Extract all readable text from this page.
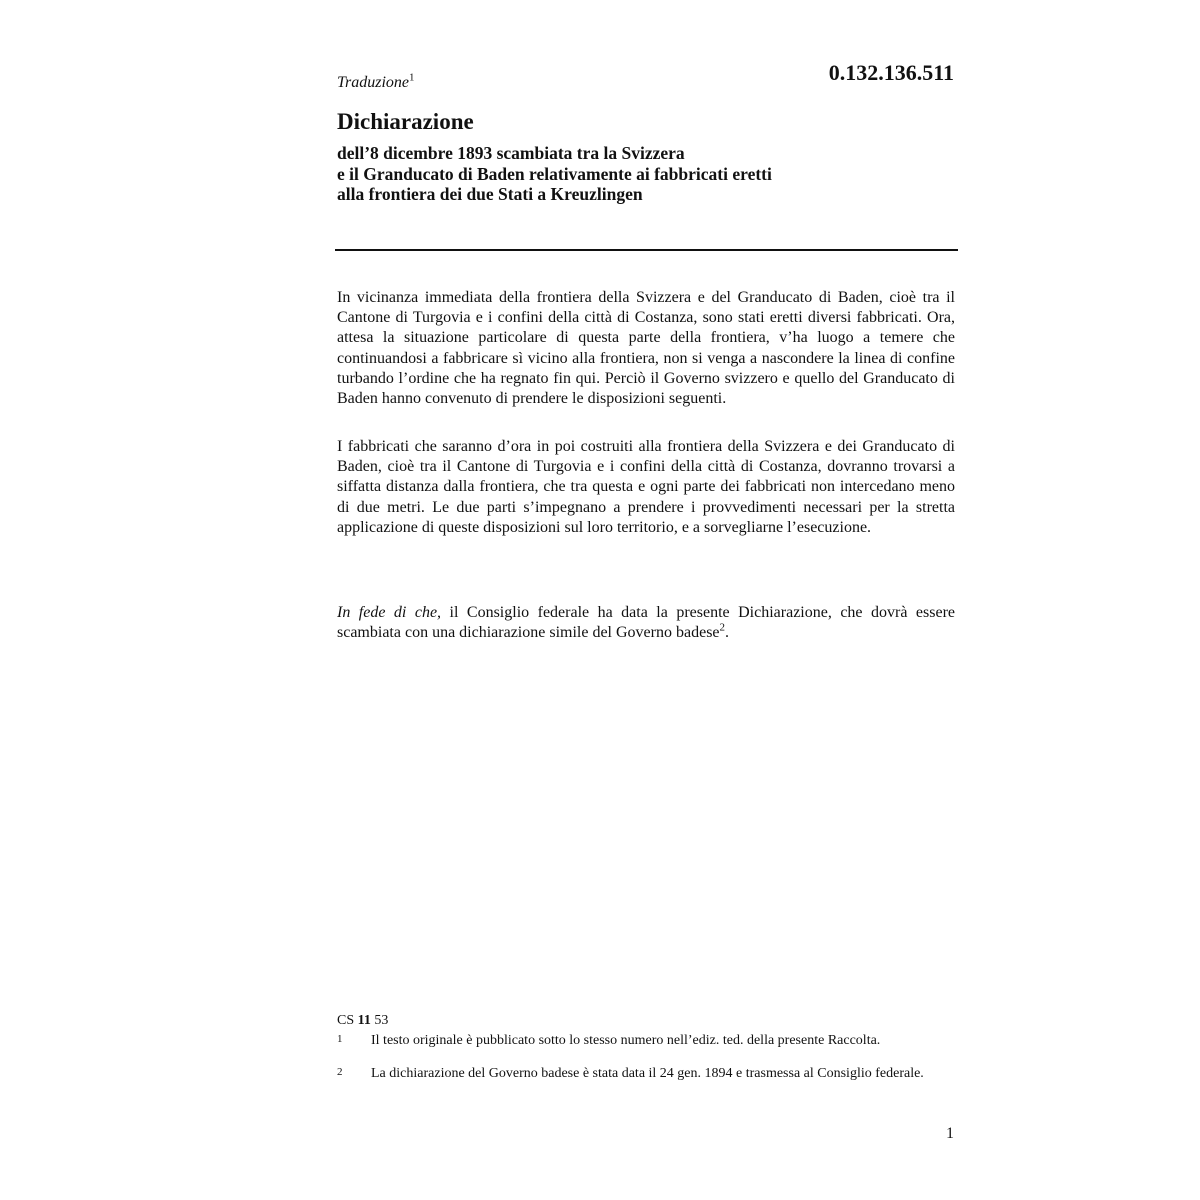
Traduzione$^1$	0.132.136.511
Dichiarazione
dell’8 dicembre 1893 scambiata tra la Svizzera
e il Granducato di Baden relativamente ai fabbricati eretti
alla frontiera dei due Stati a Kreuzlingen

In vicinanza immediata della frontiera della Svizzera e del Granducato di Baden, cioè tra il Cantone di Turgovia e i confini della città di Costanza, sono stati eretti diversi fabbricati. Ora, attesa la situazione particolare di questa parte della frontiera, v’ha luogo a temere che continuandosi a fabbricare sì vicino alla frontiera, non si venga a nascondere la linea di confine turbando l’ordine che ha regnato fin qui. Perciò il Governo svizzero e quello del Granducato di Baden hanno convenuto di prendere le disposizioni seguenti.

I fabbricati che saranno d’ora in poi costruiti alla frontiera della Svizzera e dei Granducato di Baden, cioè tra il Cantone di Turgovia e i confini della città di Costanza, dovranno trovarsi a siffatta distanza dalla frontiera, che tra questa e ogni parte dei fabbricati non intercedano meno di due metri. Le due parti s’impegnano a prendere i provvedimenti necessari per la stretta applicazione di queste disposizioni sul loro territorio, e a sorvegliarne l’esecuzione.

In fede di che, il Consiglio federale ha data la presente Dichiarazione, che dovrà essere scambiata con una dichiarazione simile del Governo badese$^2$.

CS 11 53
1 Il testo originale è pubblicato sotto lo stesso numero nell’ediz. ted. della presente Raccolta.
2 La dichiarazione del Governo badese è stata data il 24 gen. 1894 e trasmessa al Consiglio federale.
1
